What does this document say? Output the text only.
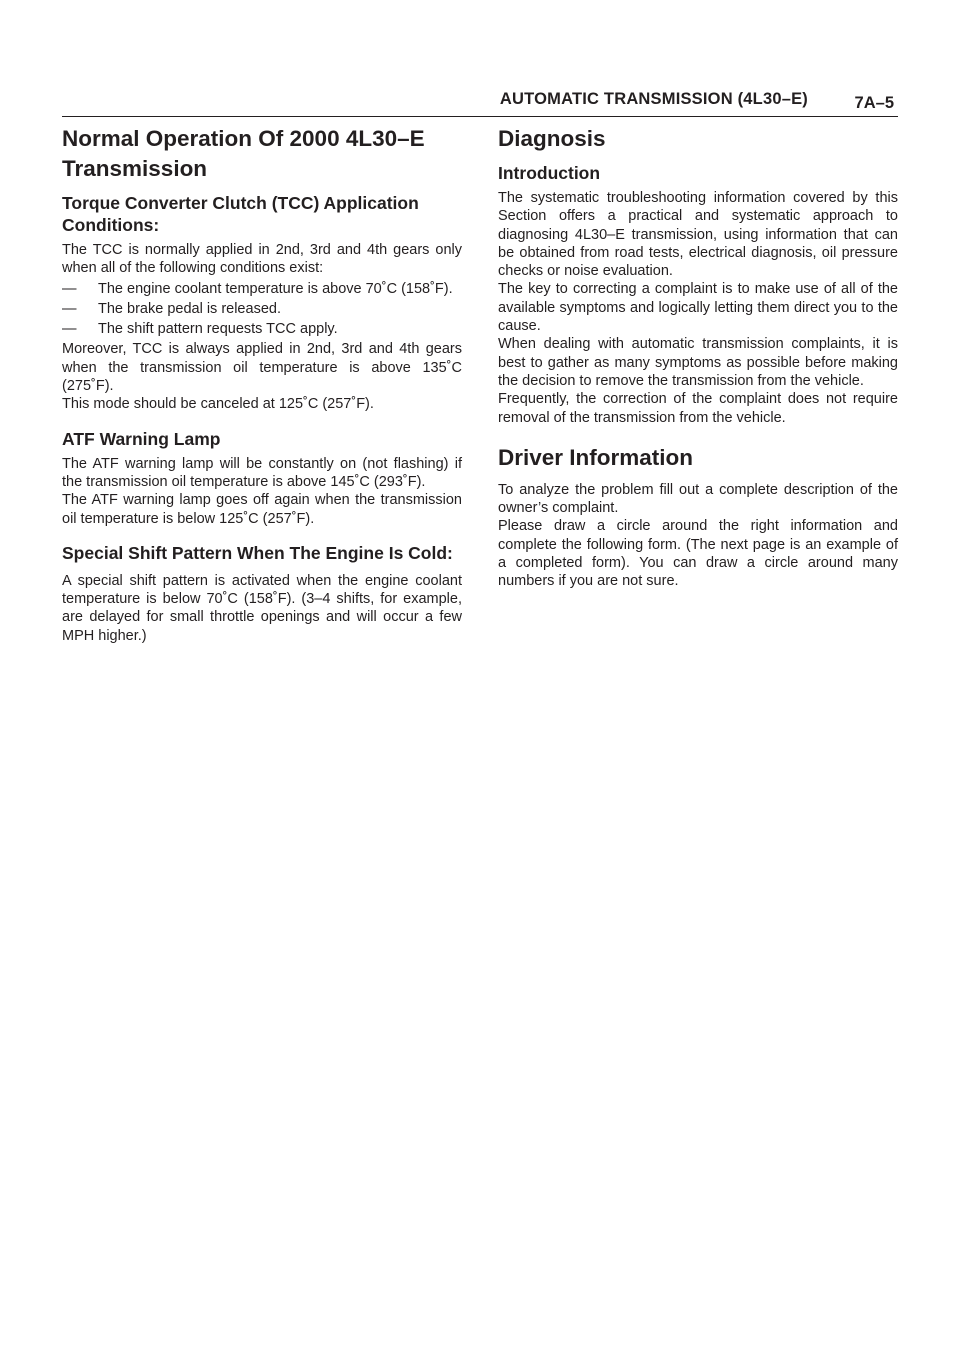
AUTOMATIC TRANSMISSION (4L30–E)	7A–5
Normal Operation Of 2000 4L30–E Transmission
Torque Converter Clutch (TCC) Application Conditions:

The TCC is normally applied in 2nd, 3rd and 4th gears only when all of the following conditions exist:

— The engine coolant temperature is above 70˚C (158˚F).
— The brake pedal is released.
— The shift pattern requests TCC apply.

Moreover, TCC is always applied in 2nd, 3rd and 4th gears when the transmission oil temperature is above 135˚C (275˚F).

This mode should be canceled at 125˚C (257˚F).

ATF Warning Lamp

The ATF warning lamp will be constantly on (not flashing) if the transmission oil temperature is above 145˚C (293˚F).

The ATF warning lamp goes off again when the transmission oil temperature is below 125˚C (257˚F).

Special Shift Pattern When The Engine Is Cold:

A special shift pattern is activated when the engine coolant temperature is below 70˚C (158˚F). (3–4 shifts, for example, are delayed for small throttle openings and will occur a few MPH higher.)

Diagnosis
Introduction

The systematic troubleshooting information covered by this Section offers a practical and systematic approach to diagnosing 4L30–E transmission, using information that can be obtained from road tests, electrical diagnosis, oil pressure checks or noise evaluation.

The key to correcting a complaint is to make use of all of the available symptoms and logically letting them direct you to the cause.

When dealing with automatic transmission complaints, it is best to gather as many symptoms as possible before making the decision to remove the transmission from the vehicle.

Frequently, the correction of the complaint does not require removal of the transmission from the vehicle.

Driver Information

To analyze the problem fill out a complete description of the owner’s complaint.

Please draw a circle around the right information and complete the following form. (The next page is an example of a completed form). You can draw a circle around many numbers if you are not sure.
